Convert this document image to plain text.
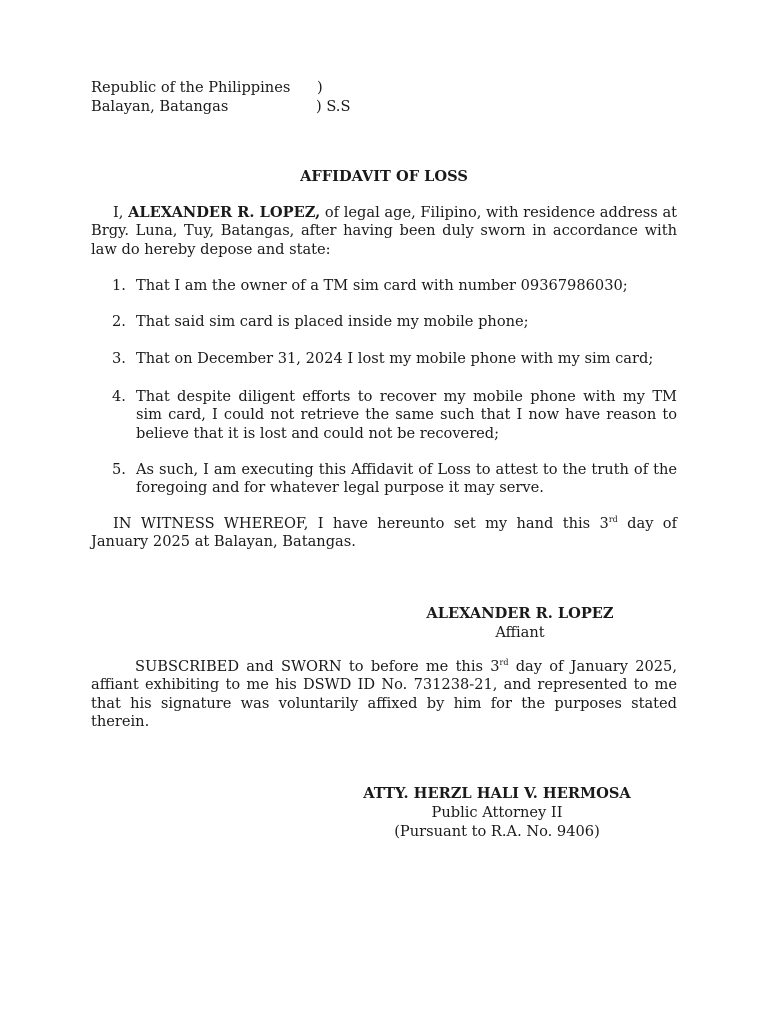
Republic of the Philippines )
Balayan, Batangas	) S.S
AFFIDAVIT OF LOSS

I, ALEXANDER R. LOPEZ, of legal age, Filipino, with residence address at Brgy. Luna, Tuy, Batangas, after having been duly sworn in accordance with law do hereby depose and state:

1. That I am the owner of a TM sim card with number 09367986030;
2. That said sim card is placed inside my mobile phone;
3. That on December 31, 2024 I lost my mobile phone with my sim card;
4. That despite diligent efforts to recover my mobile phone with my TM sim card, I could not retrieve the same such that I now have reason to believe that it is lost and could not be recovered;
5. As such, I am executing this Affidavit of Loss to attest to the truth of the foregoing and for whatever legal purpose it may serve.

IN WITNESS WHEREOF, I have hereunto set my hand this 3rd day of January 2025 at Balayan, Batangas.

ALEXANDER R. LOPEZ
Affiant

SUBSCRIBED and SWORN to before me this 3rd day of January 2025, affiant exhibiting to me his DSWD ID No. 731238-21, and represented to me that his signature was voluntarily affixed by him for the purposes stated therein.

ATTY. HERZL HALI V. HERMOSA
Public Attorney II
(Pursuant to R.A. No. 9406)
